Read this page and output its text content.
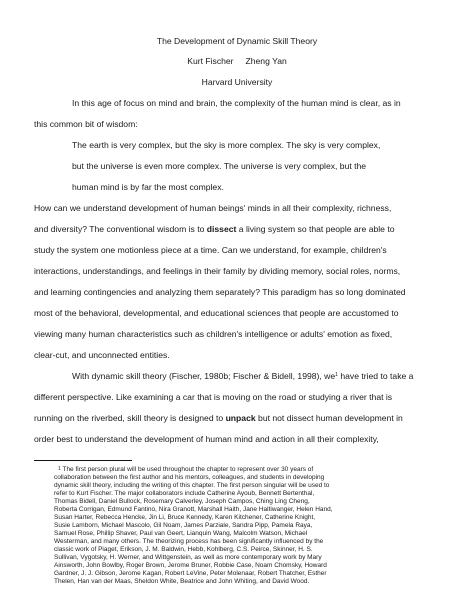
The Development of Dynamic Skill Theory
Kurt Fischer Zheng Yan
Harvard University
In this age of focus on mind and brain, the complexity of the human mind is clear, as in
this common bit of wisdom:
The earth is very complex, but the sky is more complex. The sky is very complex,
but the universe is even more complex. The universe is very complex, but the
human mind is by far the most complex.
How can we understand development of human beings' minds in all their complexity, richness,
and diversity? The conventional wisdom is to dissect a living system so that people are able to
study the system one motionless piece at a time. Can we understand, for example, children's
interactions, understandings, and feelings in their family by dividing memory, social roles, norms,
and learning contingencies and analyzing them separately? This paradigm has so long dominated
most of the behavioral, developmental, and educational sciences that people are accustomed to
viewing many human characteristics such as children's intelligence or adults' emotion as fixed,
clear-cut, and unconnected entities.
With dynamic skill theory (Fischer, 1980b; Fischer & Bidell, 1998), $we^1$ have tried to take a
different perspective. Like examining a car that is moving on the road or studying a river that is
running on the riverbed, skill theory is designed to unpack but not dissect human development in
order best to understand the development of human mind and action in all their complexity,
$^1$ The first person plural will be used throughout the chapter to represent over 30 years of
collaboration between the first author and his mentors, colleagues, and students in developing
dynamic skill theory, including the writing of this chapter. The first person singular will be used to
refer to Kurt Fischer. The major collaborators include Catherine Ayoub, Bennett Bertenthal,
Thomas Bidell, Daniel Bullock, Rosemary Calverley, Joseph Campos, Ching Ling Cheng,
Roberta Corrigan, Edmund Fantino, Nira Granott, Marshall Haith, Jane Haltiwanger, Helen Hand,
Susan Harter, Rebecca Hencke, Jin Li, Bruce Kennedy, Karen Kitchener, Catherine Knight,
Susie Lamborn, Michael Mascolo, Gil Noam, James Parziale, Sandra Pipp, Pamela Raya,
Samuel Rose, Phillip Shaver, Paul van Geert, Lianquin Wang, Malcolm Watson, Michael
Westerman, and many others. The theorizing process has been significantly influenced by the
classic work of Piaget, Erikson, J. M. Baldwin, Hebb, Kohlberg, C.S. Peirce, Skinner, H. S.
Sullivan, Vygotsky, H. Werner, and Wittgenstein, as well as more contemporary work by Mary
Ainsworth, John Bowlby, Roger Brown, Jerome Bruner, Robbie Case, Noam Chomsky, Howard
Gardner, J. J. Gibson, Jerome Kagan, Robert LeVine, Peter Molenaar, Robert Thatcher, Esther
Thelen, Han van der Maas, Sheldon White, Beatrice and John Whiting, and David Wood.
